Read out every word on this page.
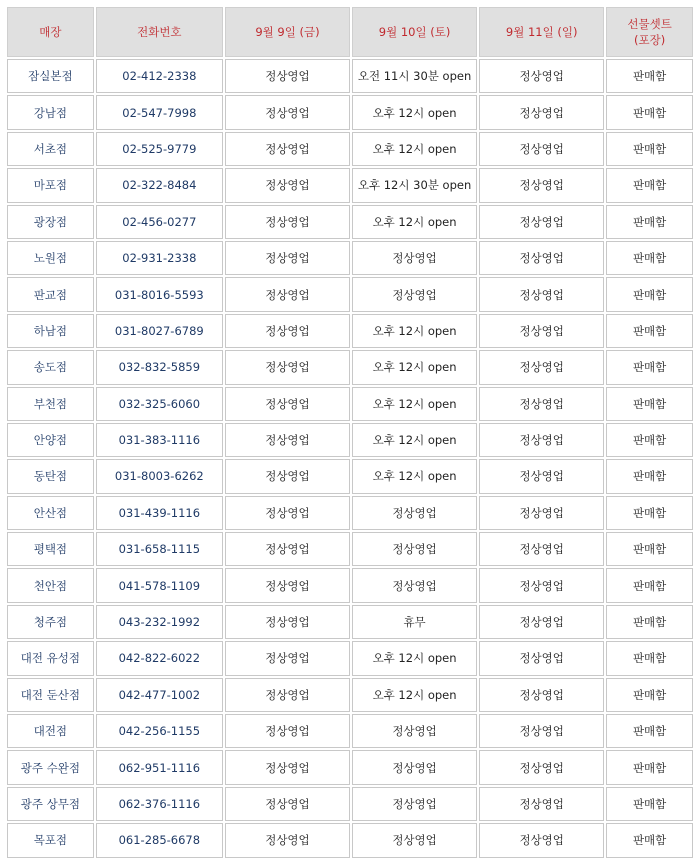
매장	전화번호	9월 9일 (금)	9월 10일 (토)	9월 11일 (일)	선물셋트
(포장)
잠실본점	02-412-2338	정상영업	오전 11시 30분 open	정상영업	판매함
강남점	02-547-7998	정상영업	오후 12시 open	정상영업	판매함
서초점	02-525-9779	정상영업	오후 12시 open	정상영업	판매함
마포점	02-322-8484	정상영업	오후 12시 30분 open	정상영업	판매함
광장점	02-456-0277	정상영업	오후 12시 open	정상영업	판매함
노원점	02-931-2338	정상영업	정상영업	정상영업	판매함
판교점	031-8016-5593	정상영업	정상영업	정상영업	판매함
하남점	031-8027-6789	정상영업	오후 12시 open	정상영업	판매함
송도점	032-832-5859	정상영업	오후 12시 open	정상영업	판매함
부천점	032-325-6060	정상영업	오후 12시 open	정상영업	판매함
안양점	031-383-1116	정상영업	오후 12시 open	정상영업	판매함
동탄점	031-8003-6262	정상영업	오후 12시 open	정상영업	판매함
안산점	031-439-1116	정상영업	정상영업	정상영업	판매함
평택점	031-658-1115	정상영업	정상영업	정상영업	판매함
천안점	041-578-1109	정상영업	정상영업	정상영업	판매함
청주점	043-232-1992	정상영업	휴무	정상영업	판매함
대전 유성점	042-822-6022	정상영업	오후 12시 open	정상영업	판매함
대전 둔산점	042-477-1002	정상영업	오후 12시 open	정상영업	판매함
대전점	042-256-1155	정상영업	정상영업	정상영업	판매함
광주 수완점	062-951-1116	정상영업	정상영업	정상영업	판매함
광주 상무점	062-376-1116	정상영업	정상영업	정상영업	판매함
목포점	061-285-6678	정상영업	정상영업	정상영업	판매함
